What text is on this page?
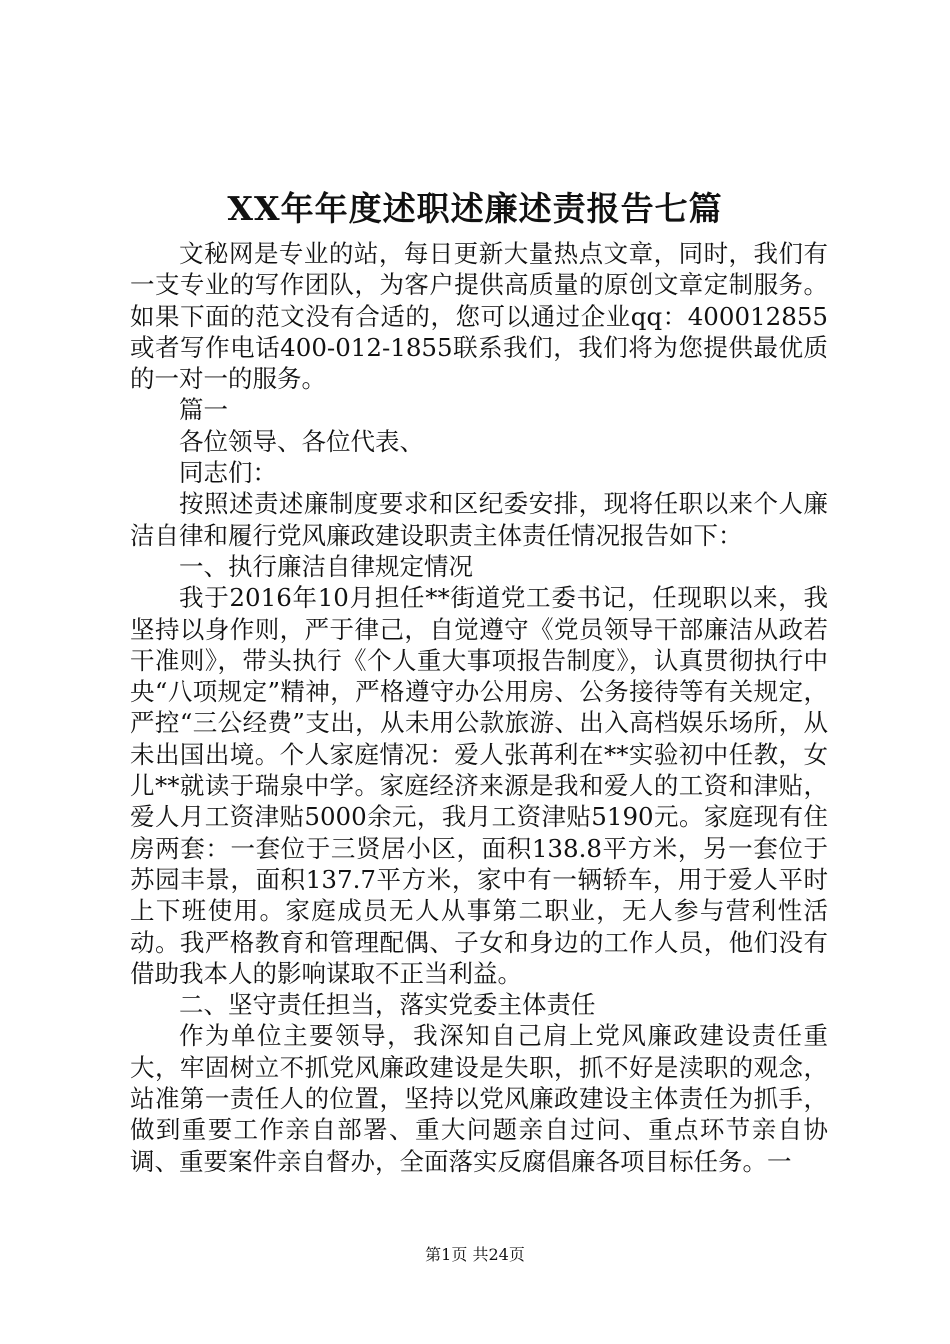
XX年年度述职述廉述责报告七篇

文秘网是专业的站，每日更新大量热点文章，同时，我们有一支专业的写作团队，为客户提供高质量的原创文章定制服务。如果下面的范文没有合适的，您可以通过企业qq：400012855或者写作电话400-012-1855联系我们，我们将为您提供最优质的一对一的服务。

篇一

各位领导、各位代表、

同志们：

按照述责述廉制度要求和区纪委安排，现将任职以来个人廉洁自律和履行党风廉政建设职责主体责任情况报告如下：

一、执行廉洁自律规定情况

我于2016年10月担任**街道党工委书记，任现职以来，我坚持以身作则，严于律己，自觉遵守《党员领导干部廉洁从政若干准则》，带头执行《个人重大事项报告制度》，认真贯彻执行中央“八项规定”精神，严格遵守办公用房、公务接待等有关规定，严控“三公经费”支出，从未用公款旅游、出入高档娱乐场所，从未出国出境。个人家庭情况：爱人张苒利在**实验初中任教，女儿**就读于瑞泉中学。家庭经济来源是我和爱人的工资和津贴，爱人月工资津贴5000余元，我月工资津贴5190元。家庭现有住房两套：一套位于三贤居小区，面积138.8平方米，另一套位于苏园丰景，面积137.7平方米，家中有一辆轿车，用于爱人平时上下班使用。家庭成员无人从事第二职业，无人参与营利性活动。我严格教育和管理配偶、子女和身边的工作人员，他们没有借助我本人的影响谋取不正当利益。

二、坚守责任担当，落实党委主体责任

作为单位主要领导，我深知自己肩上党风廉政建设责任重大，牢固树立不抓党风廉政建设是失职，抓不好是渎职的观念，站准第一责任人的位置，坚持以党风廉政建设主体责任为抓手，做到重要工作亲自部署、重大问题亲自过问、重点环节亲自协调、重要案件亲自督办，全面落实反腐倡廉各项目标任务。一

第1页 共24页
